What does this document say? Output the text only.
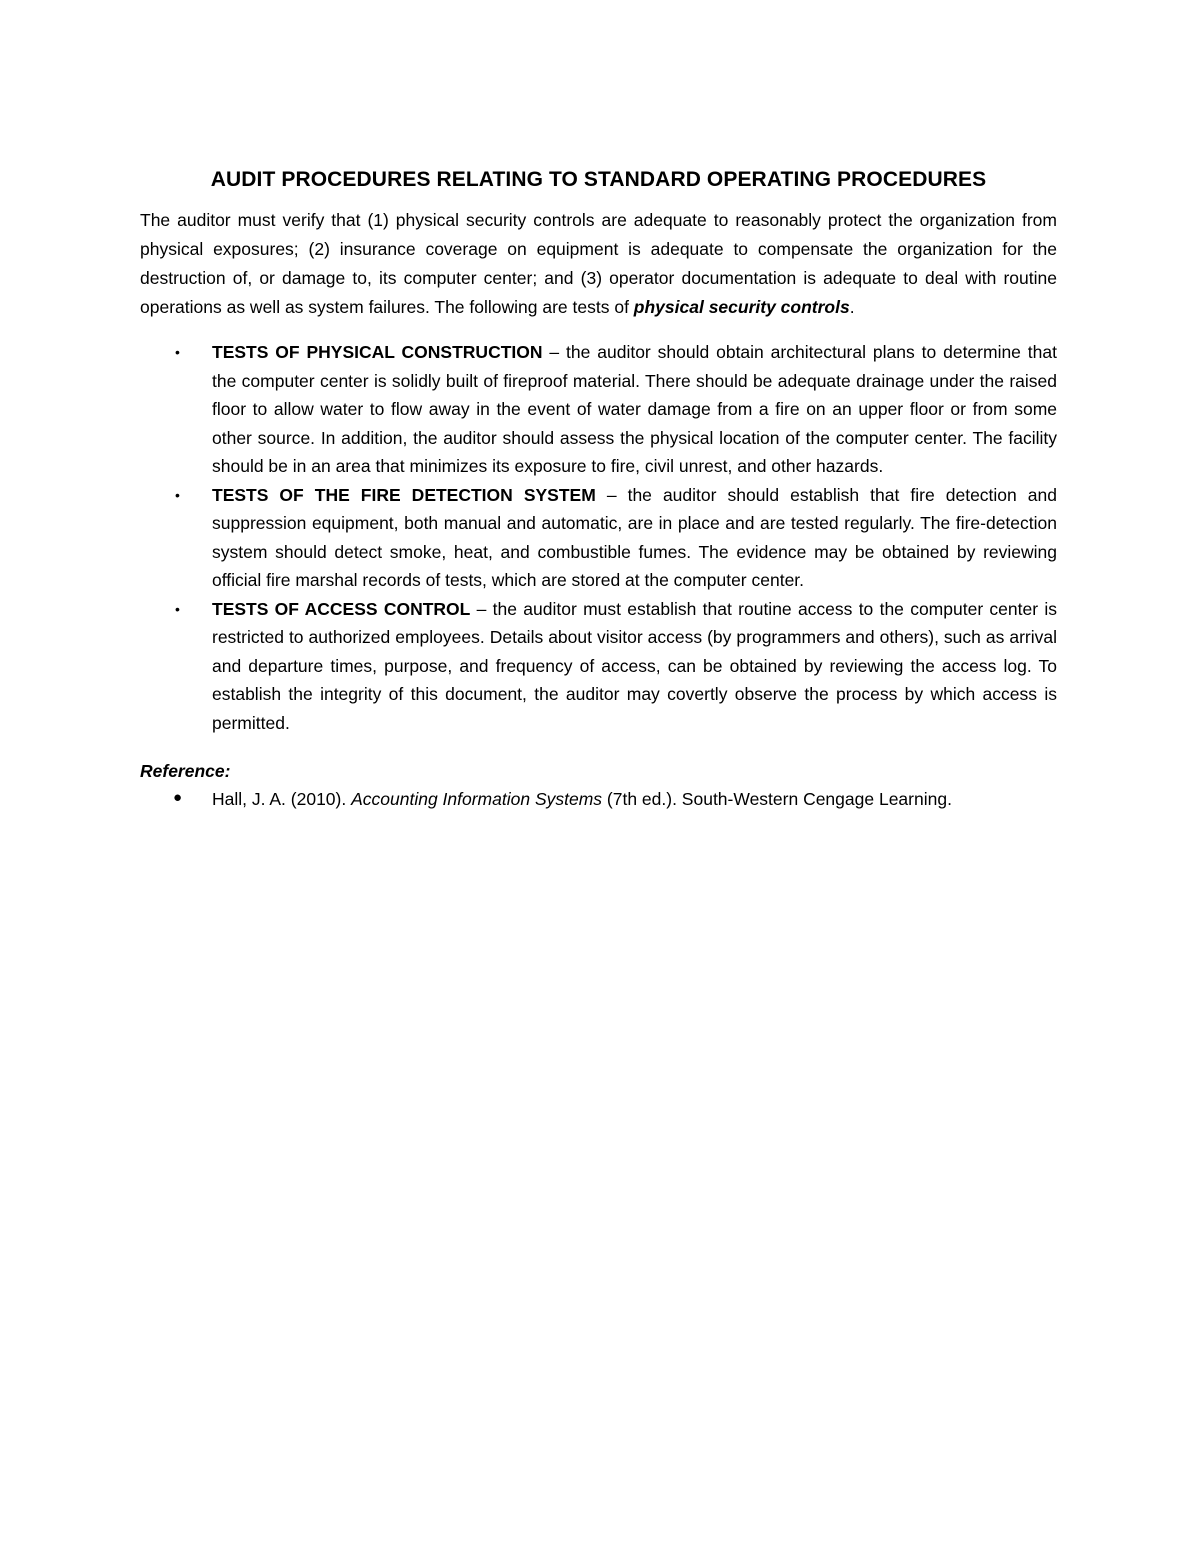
AUDIT PROCEDURES RELATING TO STANDARD OPERATING PROCEDURES

The auditor must verify that (1) physical security controls are adequate to reasonably protect the organization from physical exposures; (2) insurance coverage on equipment is adequate to compensate the organization for the destruction of, or damage to, its computer center; and (3) operator documentation is adequate to deal with routine operations as well as system failures. The following are tests of physical security controls.

• TESTS OF PHYSICAL CONSTRUCTION – the auditor should obtain architectural plans to determine that the computer center is solidly built of fireproof material. There should be adequate drainage under the raised floor to allow water to flow away in the event of water damage from a fire on an upper floor or from some other source. In addition, the auditor should assess the physical location of the computer center. The facility should be in an area that minimizes its exposure to fire, civil unrest, and other hazards.
• TESTS OF THE FIRE DETECTION SYSTEM – the auditor should establish that fire detection and suppression equipment, both manual and automatic, are in place and are tested regularly. The fire-detection system should detect smoke, heat, and combustible fumes. The evidence may be obtained by reviewing official fire marshal records of tests, which are stored at the computer center.
• TESTS OF ACCESS CONTROL – the auditor must establish that routine access to the computer center is restricted to authorized employees. Details about visitor access (by programmers and others), such as arrival and departure times, purpose, and frequency of access, can be obtained by reviewing the access log. To establish the integrity of this document, the auditor may covertly observe the process by which access is permitted.

Reference:

● Hall, J. A. (2010). Accounting Information Systems (7th ed.). South-Western Cengage Learning.
